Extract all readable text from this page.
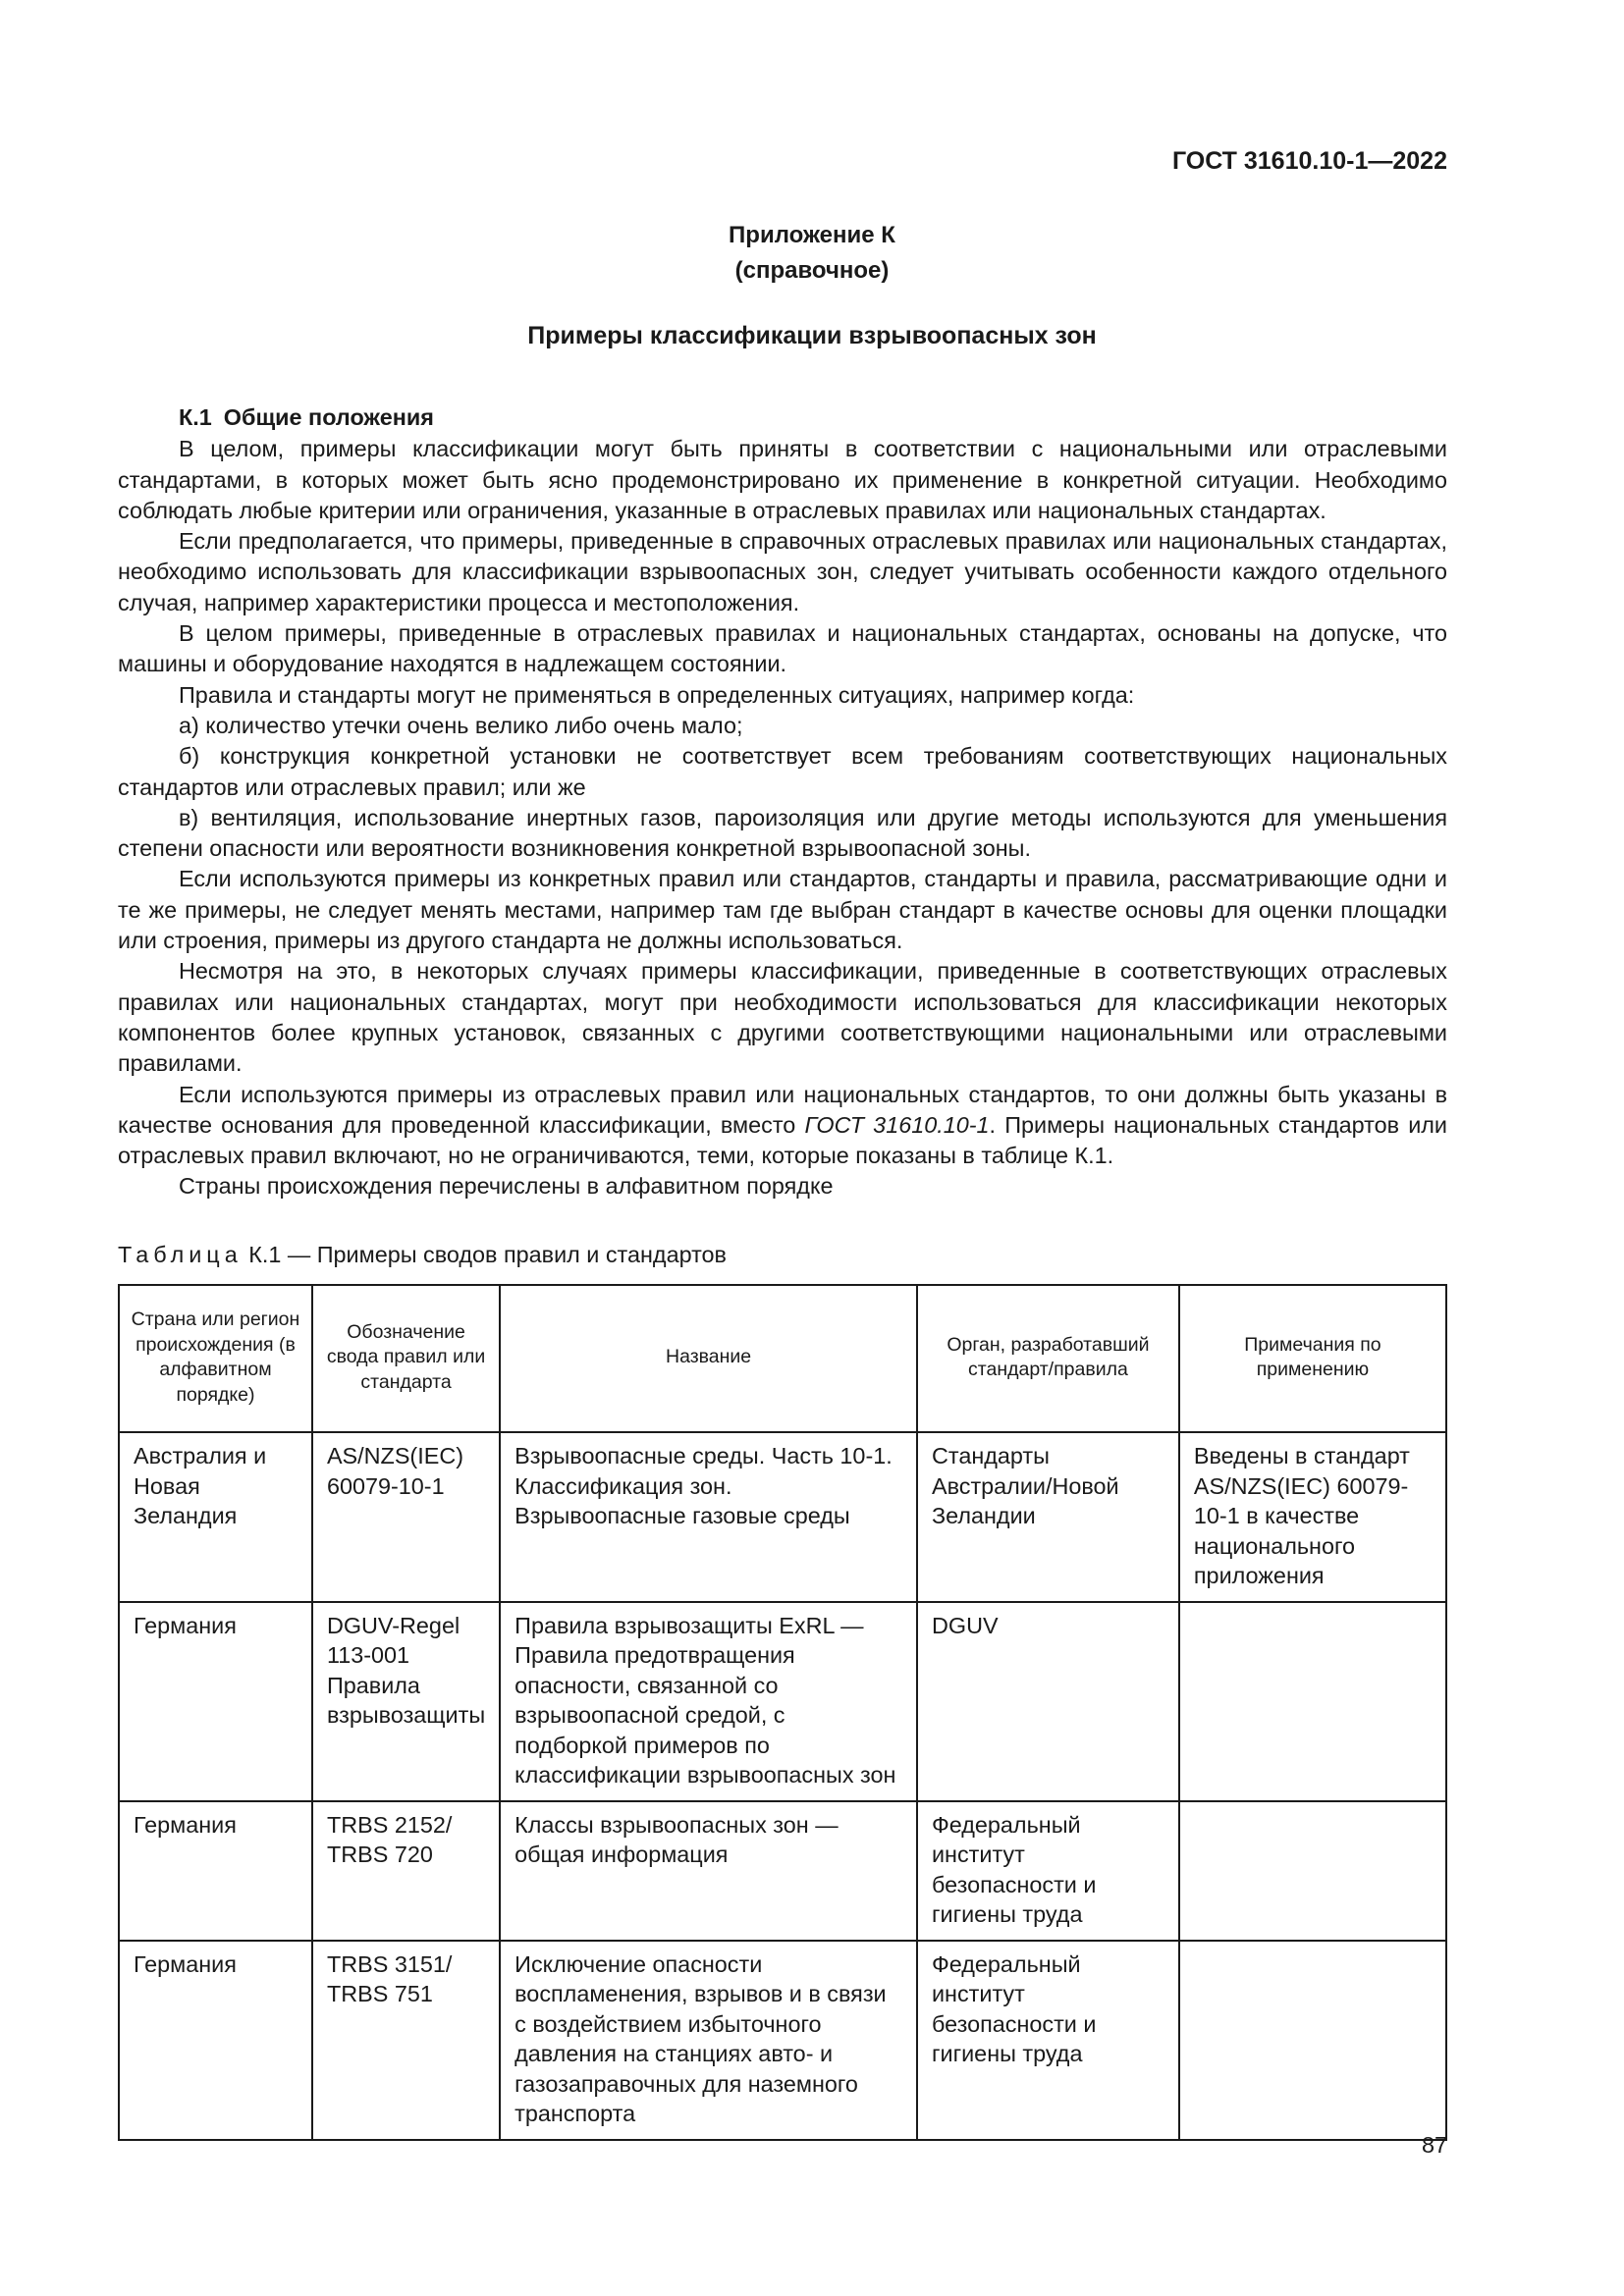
ГОСТ 31610.10-1—2022
Приложение К
(справочное)
Примеры классификации взрывоопасных зон
К.1 Общие положения

В целом, примеры классификации могут быть приняты в соответствии с национальными или отраслевыми стандартами, в которых может быть ясно продемонстрировано их применение в конкретной ситуации. Необходимо соблюдать любые критерии или ограничения, указанные в отраслевых правилах или национальных стандартах.

Если предполагается, что примеры, приведенные в справочных отраслевых правилах или национальных стандартах, необходимо использовать для классификации взрывоопасных зон, следует учитывать особенности каждого отдельного случая, например характеристики процесса и местоположения.

В целом примеры, приведенные в отраслевых правилах и национальных стандартах, основаны на допуске, что машины и оборудование находятся в надлежащем состоянии.

Правила и стандарты могут не применяться в определенных ситуациях, например когда:

а) количество утечки очень велико либо очень мало;

б) конструкция конкретной установки не соответствует всем требованиям соответствующих национальных стандартов или отраслевых правил; или же

в) вентиляция, использование инертных газов, пароизоляция или другие методы используются для уменьшения степени опасности или вероятности возникновения конкретной взрывоопасной зоны.

Если используются примеры из конкретных правил или стандартов, стандарты и правила, рассматривающие одни и те же примеры, не следует менять местами, например там где выбран стандарт в качестве основы для оценки площадки или строения, примеры из другого стандарта не должны использоваться.

Несмотря на это, в некоторых случаях примеры классификации, приведенные в соответствующих отраслевых правилах или национальных стандартах, могут при необходимости использоваться для классификации некоторых компонентов более крупных установок, связанных с другими соответствующими национальными или отраслевыми правилами.

Если используются примеры из отраслевых правил или национальных стандартов, то они должны быть указаны в качестве основания для проведенной классификации, вместо ГОСТ 31610.10-1. Примеры национальных стандартов или отраслевых правил включают, но не ограничиваются, теми, которые показаны в таблице К.1.

Страны происхождения перечислены в алфавитном порядке

Таблица К.1 — Примеры сводов правил и стандартов
Страна или регион происхождения (в алфавитном порядке)	Обозначение свода правил или стандарта	Название	Орган, разработавший стандарт/правила	Примечания по применению
Австралия и Новая Зеландия	AS/NZS(IEC) 60079-10-1	Взрывоопасные среды. Часть 10-1. Классификация зон. Взрывоопасные газовые среды	Стандарты Австралии/Новой Зеландии	Введены в стандарт AS/NZS(IEC) 60079-10-1 в качестве национального приложения
Германия	DGUV-Regel 113-001 Правила взрывозащиты	Правила взрывозащиты ExRL — Правила предотвращения опасности, связанной со взрывоопасной средой, с подборкой примеров по классификации взрывоопасных зон	DGUV	
Германия	TRBS 2152/ TRBS 720	Классы взрывоопасных зон — общая информация	Федеральный институт безопасности и гигиены труда	
Германия	TRBS 3151/ TRBS 751	Исключение опасности воспламенения, взрывов и в связи с воздействием избыточного давления на станциях авто- и газозаправочных для наземного транспорта	Федеральный институт безопасности и гигиены труда	
87
